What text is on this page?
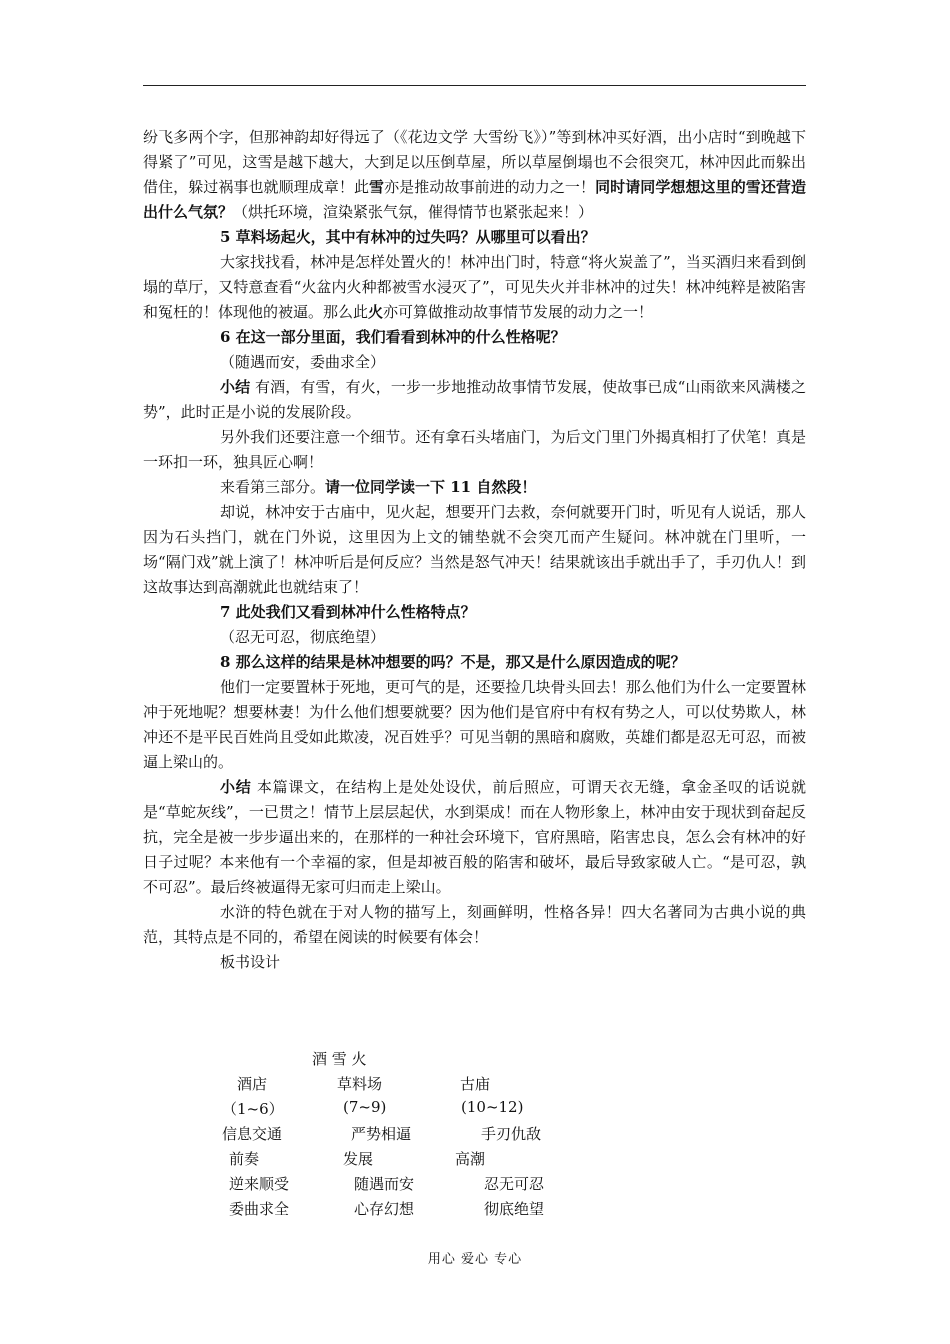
纷飞多两个字，但那神韵却好得远了（《花边文学 大雪纷飞》）”等到林冲买好酒，出小店时“到晚越下得紧了”可见，这雪是越下越大，大到足以压倒草屋，所以草屋倒塌也不会很突兀，林冲因此而躲出借住，躲过祸事也就顺理成章！此雪亦是推动故事前进的动力之一！同时请同学想想这里的雪还营造出什么气氛？（烘托环境，渲染紧张气氛，催得情节也紧张起来！）

5 草料场起火，其中有林冲的过失吗？从哪里可以看出？

大家找找看，林冲是怎样处置火的！林冲出门时，特意“将火炭盖了”，当买酒归来看到倒塌的草厅，又特意查看“火盆内火种都被雪水浸灭了”，可见失火并非林冲的过失！林冲纯粹是被陷害和冤枉的！体现他的被逼。那么此火亦可算做推动故事情节发展的动力之一！

6 在这一部分里面，我们看看到林冲的什么性格呢？

（随遇而安，委曲求全）

小结 有酒，有雪，有火，一步一步地推动故事情节发展，使故事已成“山雨欲来风满楼之势”，此时正是小说的发展阶段。

另外我们还要注意一个细节。还有拿石头堵庙门，为后文门里门外揭真相打了伏笔！真是一环扣一环，独具匠心啊！

来看第三部分。请一位同学读一下 11 自然段！

却说，林冲安于古庙中，见火起，想要开门去救，奈何就要开门时，听见有人说话，那人因为石头挡门，就在门外说，这里因为上文的铺垫就不会突兀而产生疑问。林冲就在门里听，一场“隔门戏”就上演了！林冲听后是何反应？当然是怒气冲天！结果就该出手就出手了，手刃仇人！到这故事达到高潮就此也就结束了！

7 此处我们又看到林冲什么性格特点？

（忍无可忍，彻底绝望）

8 那么这样的结果是林冲想要的吗？不是，那又是什么原因造成的呢？

他们一定要置林于死地，更可气的是，还要捡几块骨头回去！那么他们为什么一定要置林冲于死地呢？想要林妻！为什么他们想要就要？因为他们是官府中有权有势之人，可以仗势欺人，林冲还不是平民百姓尚且受如此欺凌，况百姓乎？可见当朝的黑暗和腐败，英雄们都是忍无可忍，而被逼上梁山的。

小结 本篇课文，在结构上是处处设伏，前后照应，可谓天衣无缝，拿金圣叹的话说就是“草蛇灰线”，一已贯之！情节上层层起伏，水到渠成！而在人物形象上，林冲由安于现状到奋起反抗，完全是被一步步逼出来的，在那样的一种社会环境下，官府黑暗，陷害忠良，怎么会有林冲的好日子过呢？本来他有一个幸福的家，但是却被百般的陷害和破坏，最后导致家破人亡。“是可忍，孰不可忍”。最后终被逼得无家可归而走上梁山。

水浒的特色就在于对人物的描写上，刻画鲜明，性格各异！四大名著同为古典小说的典范，其特点是不同的，希望在阅读的时候要有体会！

板书设计

酒 雪 火
酒店	草料场	古庙
（1~6）	(7~9)	(10~12)
信息交通	严势相逼	手刃仇敌
前奏	发展	高潮
逆来顺受	随遇而安	忍无可忍
委曲求全	心存幻想	彻底绝望
用心 爱心 专心
